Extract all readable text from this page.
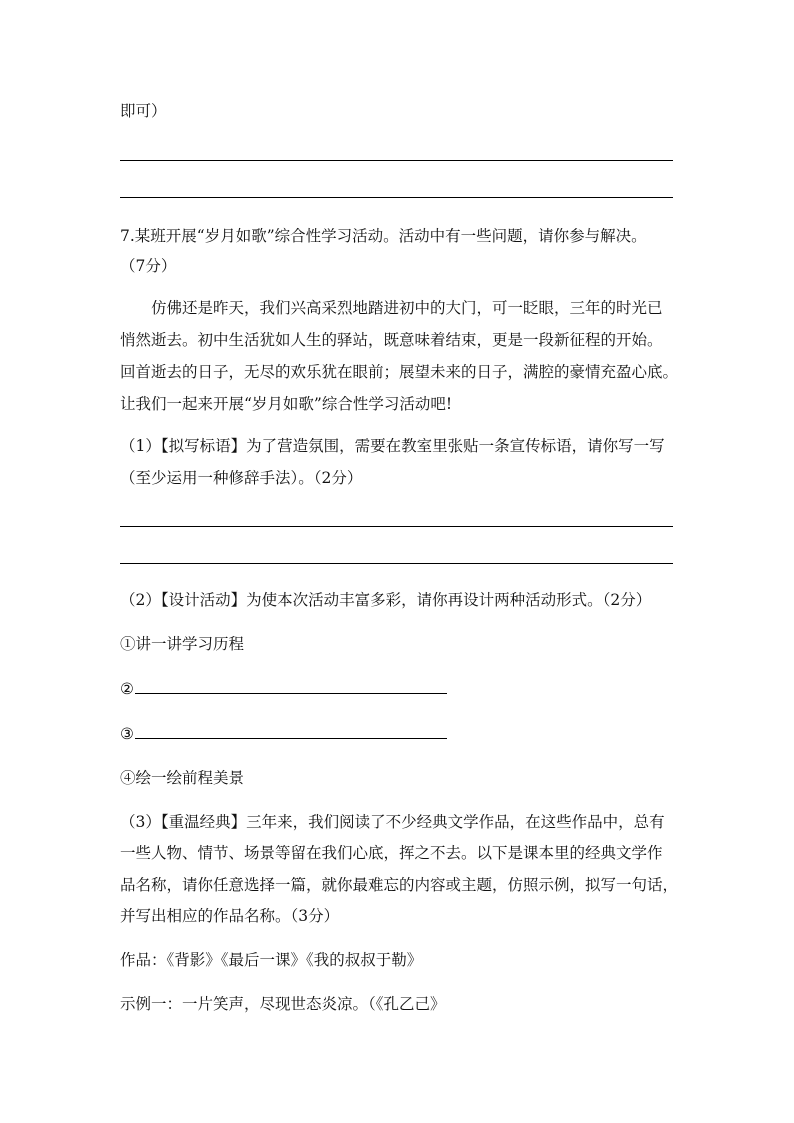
即可）

7.某班开展“岁月如歌”综合性学习活动。活动中有一些问题，请你参与解决。

（7分）

仿佛还是昨天，我们兴高采烈地踏进初中的大门，可一眨眼，三年的时光已

悄然逝去。初中生活犹如人生的驿站，既意味着结束，更是一段新征程的开始。

回首逝去的日子，无尽的欢乐犹在眼前；展望未来的日子，满腔的豪情充盈心底。

让我们一起来开展“岁月如歌”综合性学习活动吧!

（1）【拟写标语】为了营造氛围，需要在教室里张贴一条宣传标语，请你写一写

（至少运用一种修辞手法）。（2分）

（2）【设计活动】为使本次活动丰富多彩，请你再设计两种活动形式。（2分）

①讲一讲学习历程

②

③

④绘一绘前程美景

（3）【重温经典】三年来，我们阅读了不少经典文学作品，在这些作品中，总有

一些人物、情节、场景等留在我们心底，挥之不去。以下是课本里的经典文学作

品名称，请你任意选择一篇，就你最难忘的内容或主题，仿照示例，拟写一句话，

并写出相应的作品名称。（3分）

作品：《背影》《最后一课》《我的叔叔于勒》

示例一：一片笑声，尽现世态炎凉。（《孔乙己》
